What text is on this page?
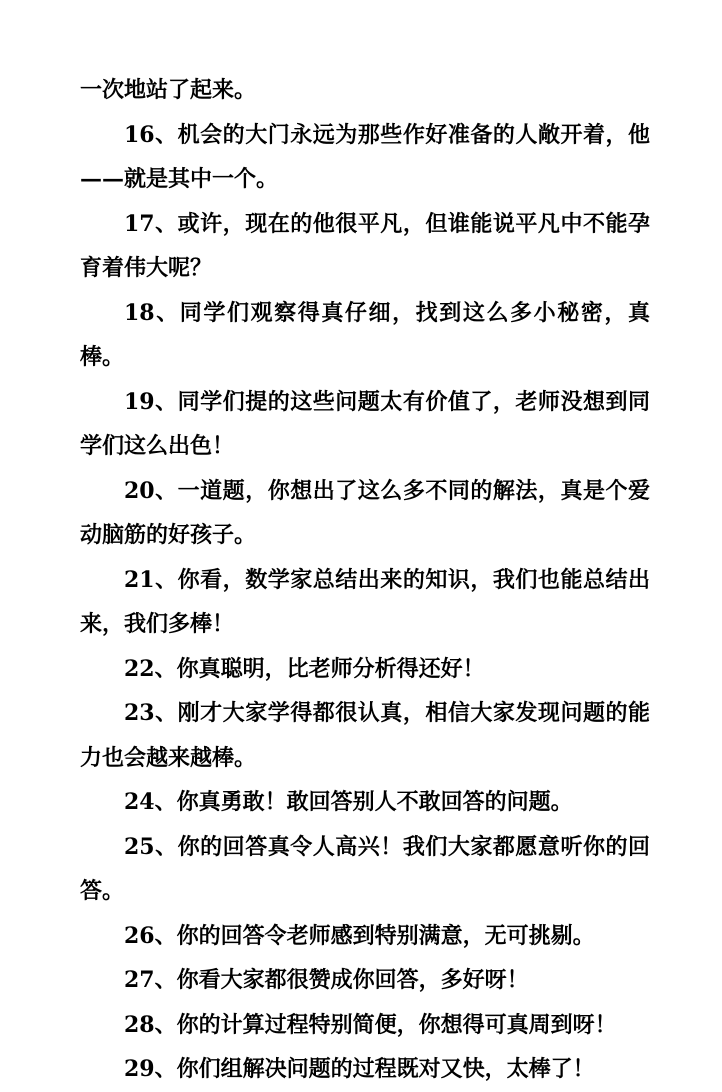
一次地站了起来。

16、机会的大门永远为那些作好准备的人敞开着，他——就是其中一个。

17、或许，现在的他很平凡，但谁能说平凡中不能孕育着伟大呢？

18、同学们观察得真仔细，找到这么多小秘密，真棒。

19、同学们提的这些问题太有价值了，老师没想到同学们这么出色！

20、一道题，你想出了这么多不同的解法，真是个爱动脑筋的好孩子。

21、你看，数学家总结出来的知识，我们也能总结出来，我们多棒！

22、你真聪明，比老师分析得还好！

23、刚才大家学得都很认真，相信大家发现问题的能力也会越来越棒。

24、你真勇敢！敢回答别人不敢回答的问题。

25、你的回答真令人高兴！我们大家都愿意听你的回答。

26、你的回答令老师感到特别满意，无可挑剔。

27、你看大家都很赞成你回答，多好呀！

28、你的计算过程特别简便，你想得可真周到呀！

29、你们组解决问题的过程既对又快，太棒了！
